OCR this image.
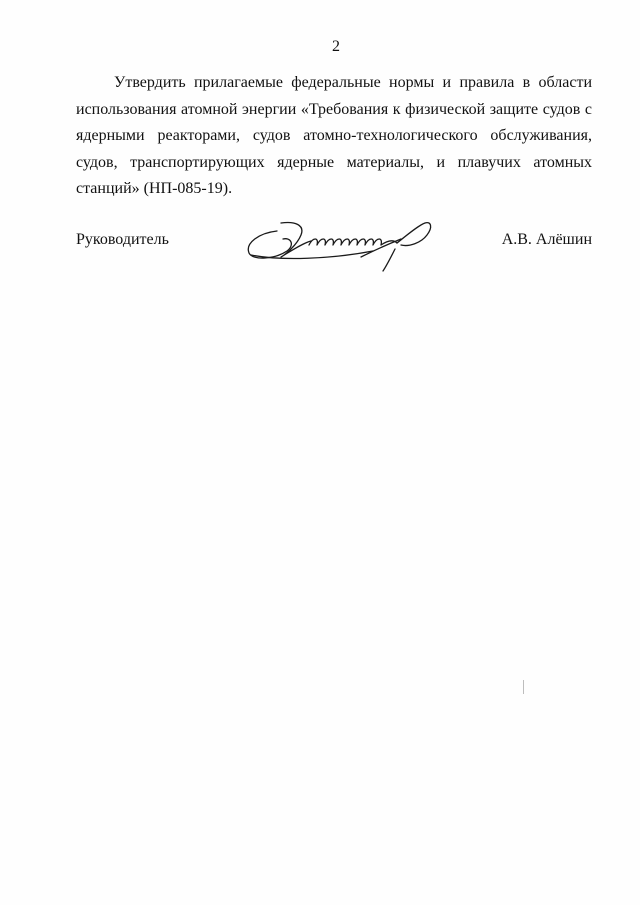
2

Утвердить прилагаемые федеральные нормы и правила в области использования атомной энергии «Требования к физической защите судов с ядерными реакторами, судов атомно-технологического обслуживания, судов, транспортирующих ядерные материалы, и плавучих атомных станций» (НП-085-19).

Руководитель	А.В. Алёшин
